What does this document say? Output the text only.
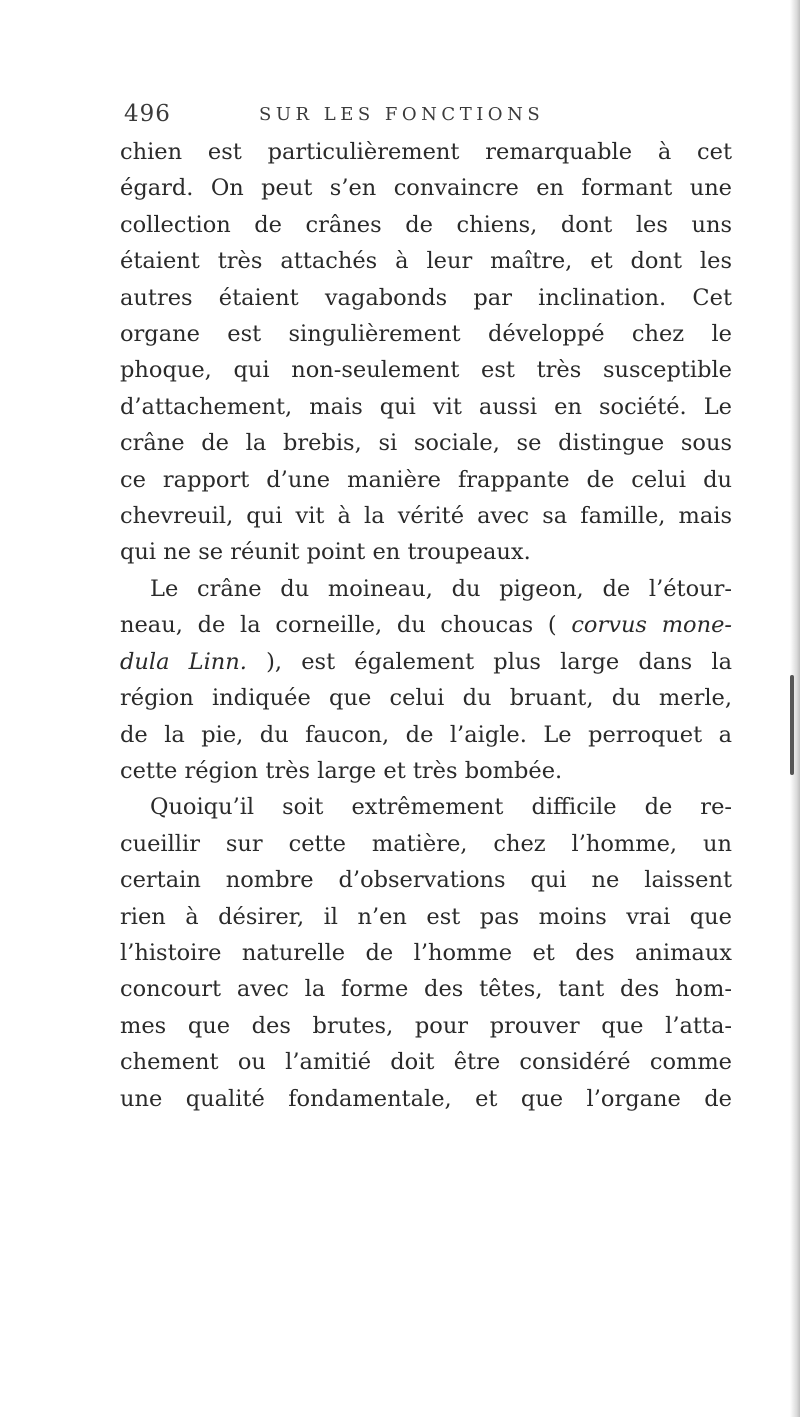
496	SUR LES FONCTIONS
chien est particulièrement remarquable à cet
égard. On peut s’en convaincre en formant une
collection de crânes de chiens, dont les uns
étaient très attachés à leur maître, et dont les
autres étaient vagabonds par inclination. Cet
organe est singulièrement développé chez le
phoque, qui non-seulement est très susceptible
d’attachement, mais qui vit aussi en société. Le
crâne de la brebis, si sociale, se distingue sous
ce rapport d’une manière frappante de celui du
chevreuil, qui vit à la vérité avec sa famille, mais
qui ne se réunit point en troupeaux.
Le crâne du moineau, du pigeon, de l’étour-
neau, de la corneille, du choucas ( corvus mone-
dula Linn. ), est également plus large dans la
région indiquée que celui du bruant, du merle,
de la pie, du faucon, de l’aigle. Le perroquet a
cette région très large et très bombée.
Quoiqu’il soit extrêmement difficile de re-
cueillir sur cette matière, chez l’homme, un
certain nombre d’observations qui ne laissent
rien à désirer, il n’en est pas moins vrai que
l’histoire naturelle de l’homme et des animaux
concourt avec la forme des têtes, tant des hom-
mes que des brutes, pour prouver que l’atta-
chement ou l’amitié doit être considéré comme
une qualité fondamentale, et que l’organe de
